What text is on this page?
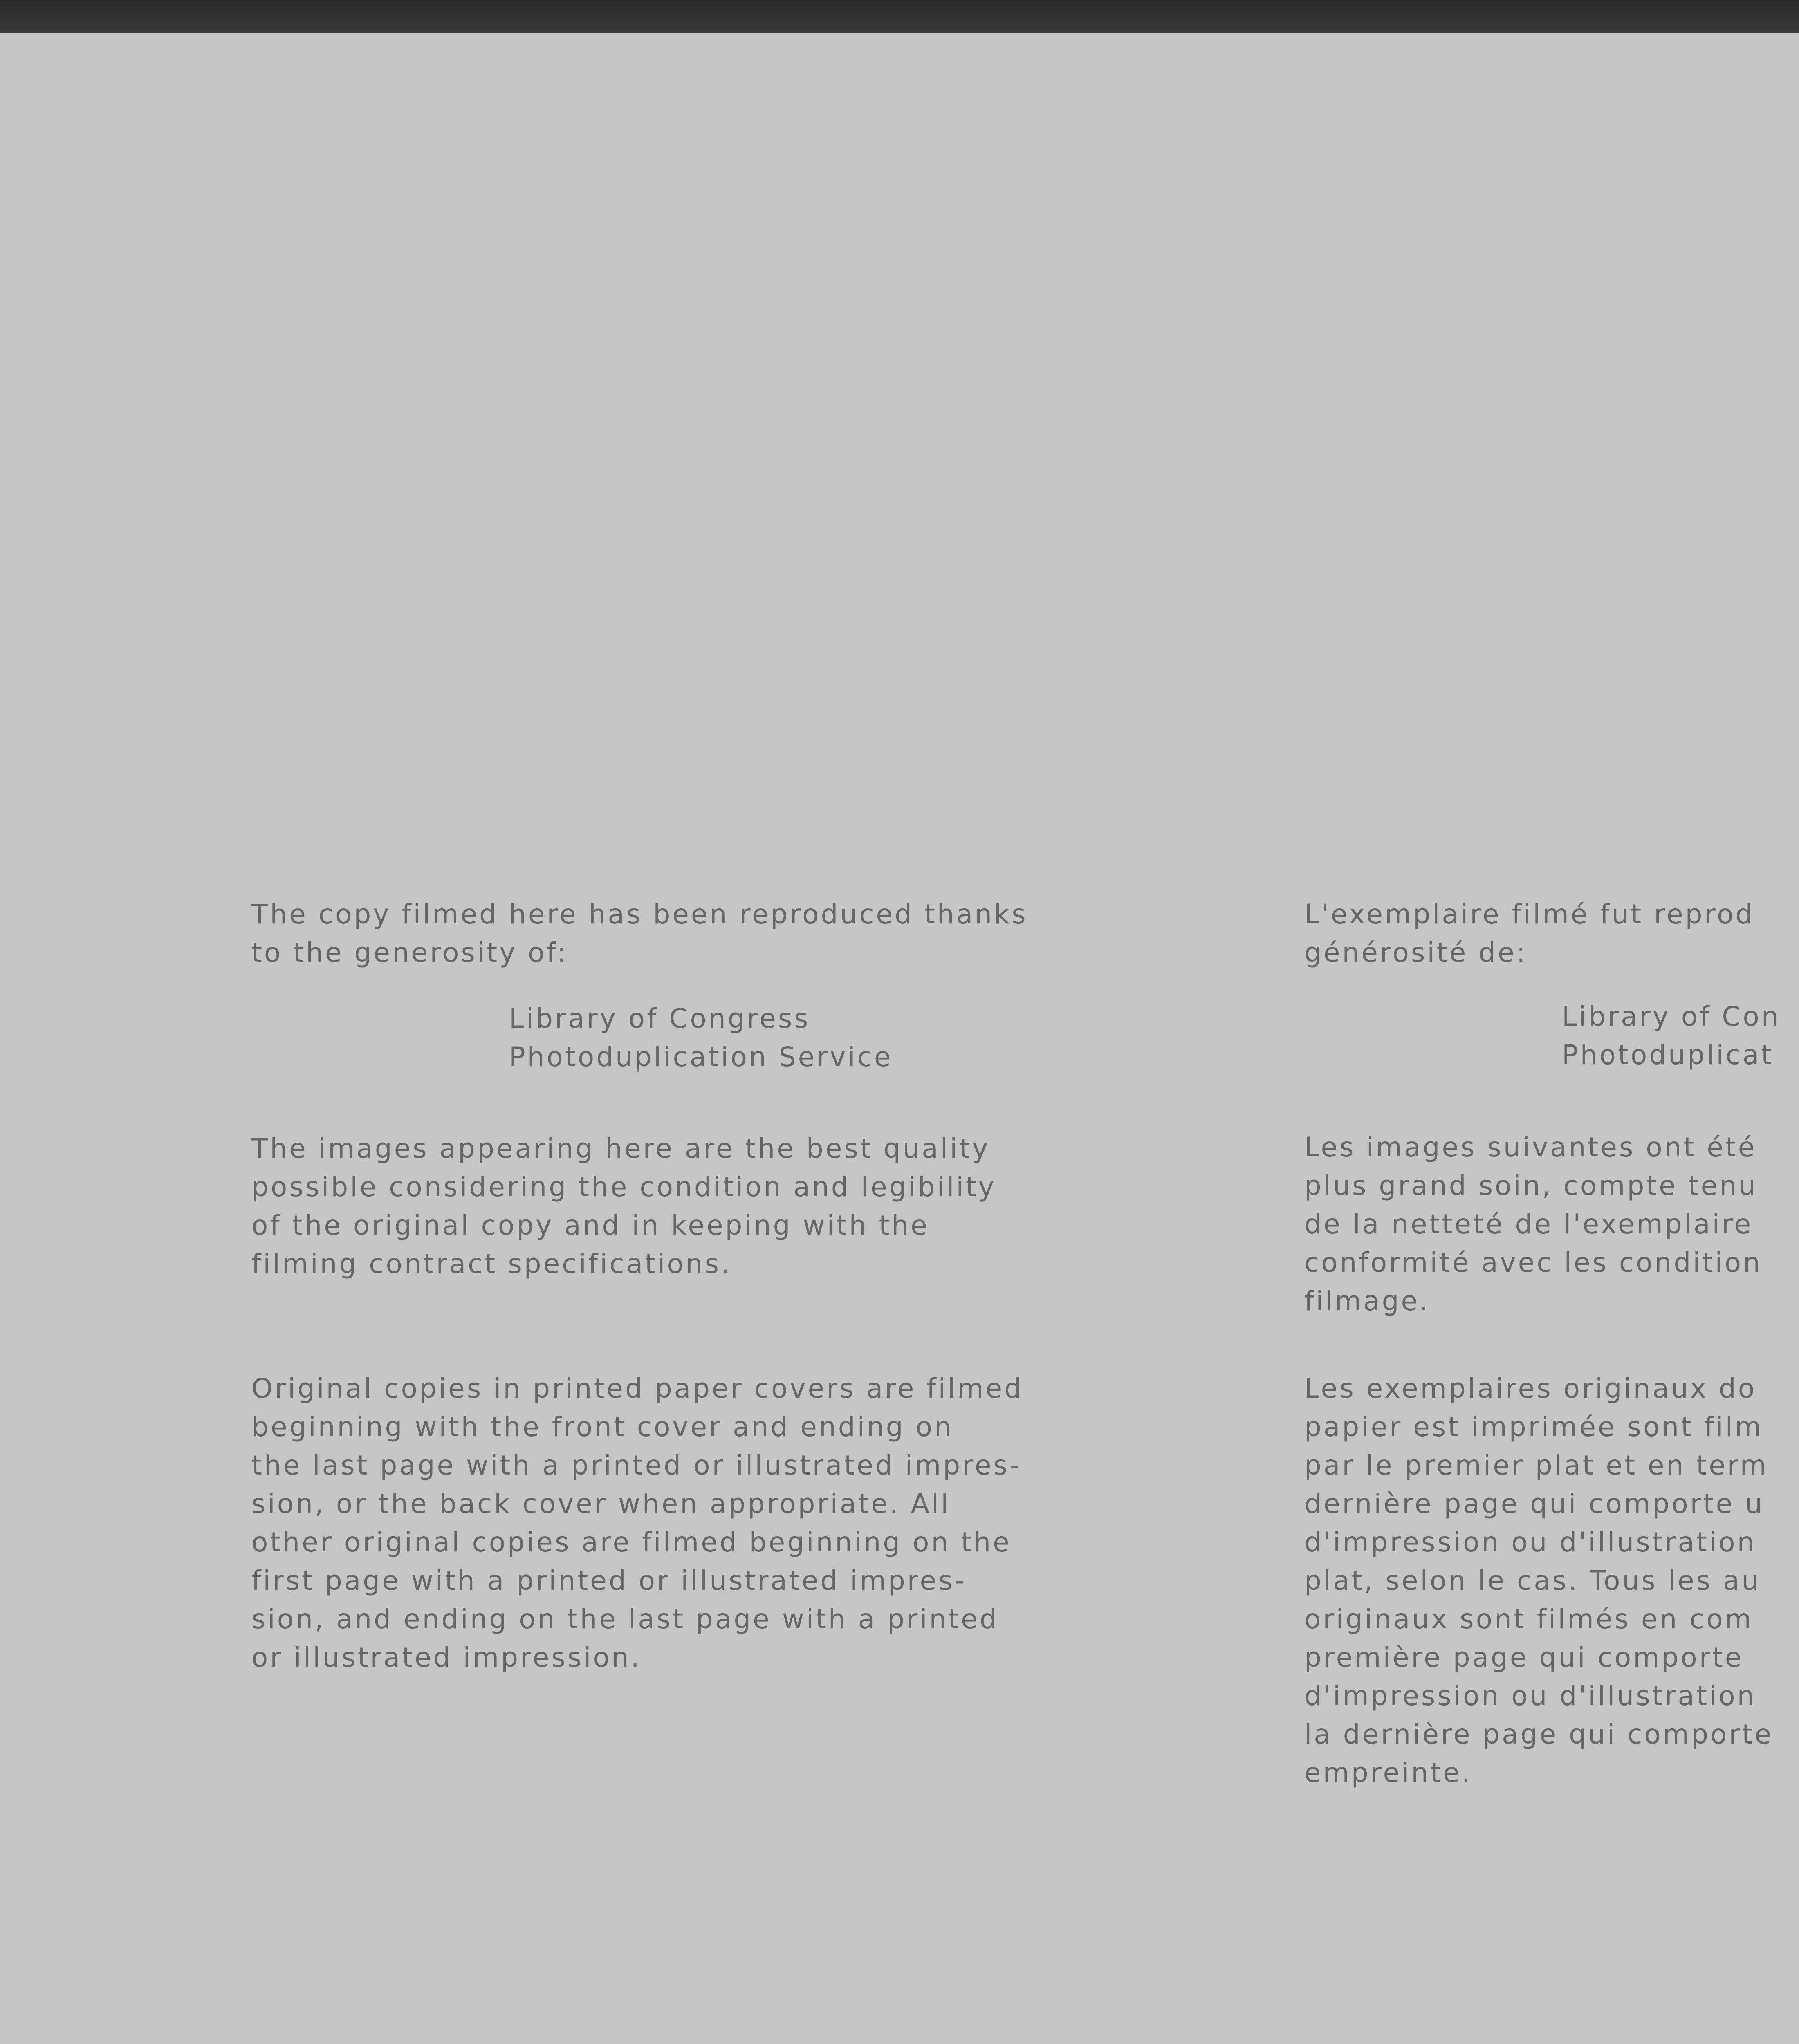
The copy filmed here has been reproduced thanks
to the generosity of:

Library of Congress
Photoduplication Service

The images appearing here are the best quality
possible considering the condition and legibility
of the original copy and in keeping with the
filming contract specifications.

Original copies in printed paper covers are filmed
beginning with the front cover and ending on
the last page with a printed or illustrated impres-
sion, or the back cover when appropriate. All
other original copies are filmed beginning on the
first page with a printed or illustrated impres-
sion, and ending on the last page with a printed
or illustrated impression.

L'exemplaire filmé fut reprod
générosité de:

Library of Con
Photoduplicat

Les images suivantes ont été
plus grand soin, compte tenu
de la netteté de l'exemplaire
conformité avec les condition
filmage.

Les exemplaires originaux do
papier est imprimée sont film
par le premier plat et en term
dernière page qui comporte u
d'impression ou d'illustration
plat, selon le cas. Tous les au
originaux sont filmés en com
première page qui comporte
d'impression ou d'illustration
la dernière page qui comporte
empreinte.
